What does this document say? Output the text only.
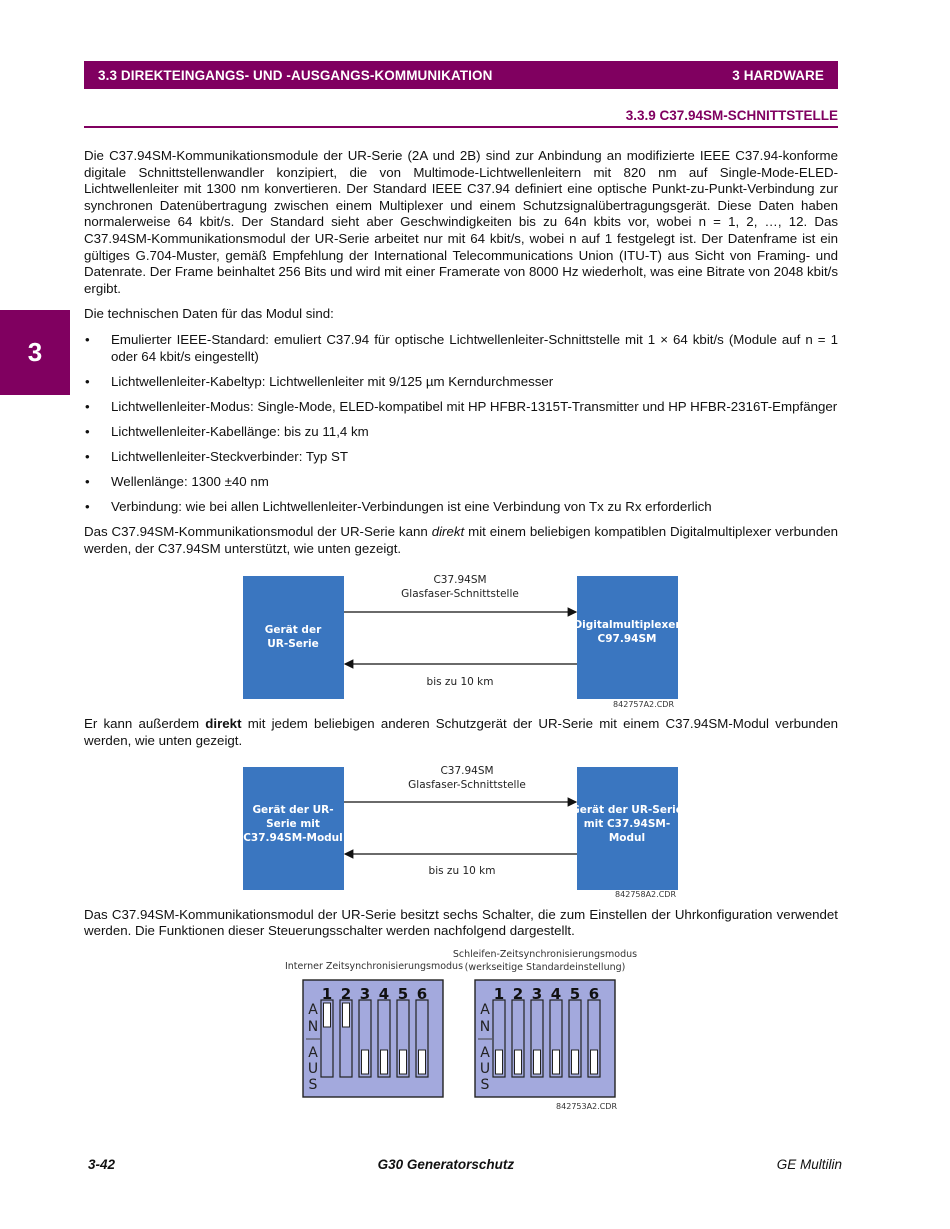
3.3 DIREKTEINGANGS- UND -AUSGANGS-KOMMUNIKATION	3 HARDWARE
3.3.9 C37.94SM-SCHNITTSTELLE
3

Die C37.94SM-Kommunikationsmodule der UR-Serie (2A und 2B) sind zur Anbindung an modifizierte IEEE C37.94-konforme digitale Schnittstellenwandler konzipiert, die von Multimode-Lichtwellenleitern mit 820 nm auf Single-Mode-ELED-Lichtwellenleiter mit 1300 nm konvertieren. Der Standard IEEE C37.94 definiert eine optische Punkt-zu-Punkt-Verbindung zur synchronen Datenübertragung zwischen einem Multiplexer und einem Schutzsignalübertragungsgerät. Diese Daten haben normalerweise 64 kbit/s. Der Standard sieht aber Geschwindigkeiten bis zu 64n kbits vor, wobei n = 1, 2, …, 12. Das C37.94SM-Kommunikationsmodul der UR-Serie arbeitet nur mit 64 kbit/s, wobei n auf 1 festgelegt ist. Der Datenframe ist ein gültiges G.704-Muster, gemäß Empfehlung der International Telecommunications Union (ITU-T) aus Sicht von Framing- und Datenrate. Der Frame beinhaltet 256 Bits und wird mit einer Framerate von 8000 Hz wiederholt, was eine Bitrate von 2048 kbit/s ergibt.

Die technischen Daten für das Modul sind:

• Emulierter IEEE-Standard: emuliert C37.94 für optische Lichtwellenleiter-Schnittstelle mit 1 × 64 kbit/s (Module auf n = 1 oder 64 kbit/s eingestellt)
• Lichtwellenleiter-Kabeltyp: Lichtwellenleiter mit 9/125 µm Kerndurchmesser
• Lichtwellenleiter-Modus: Single-Mode, ELED-kompatibel mit HP HFBR-1315T-Transmitter und HP HFBR-2316T-Empfänger
• Lichtwellenleiter-Kabellänge: bis zu 11,4 km
• Lichtwellenleiter-Steckverbinder: Typ ST
• Wellenlänge: 1300 ±40 nm
• Verbindung: wie bei allen Lichtwellenleiter-Verbindungen ist eine Verbindung von Tx zu Rx erforderlich

Das C37.94SM-Kommunikationsmodul der UR-Serie kann direkt mit einem beliebigen kompatiblen Digitalmultiplexer verbunden werden, der C37.94SM unterstützt, wie unten gezeigt.

C37.94SM
Glasfaser-Schnittstelle
Gerät der
UR-Serie
Digitalmultiplexer
C97.94SM
bis zu 10 km
842757A2.CDR

Er kann außerdem direkt mit jedem beliebigen anderen Schutzgerät der UR-Serie mit einem C37.94SM-Modul verbunden werden, wie unten gezeigt.

C37.94SM
Glasfaser-Schnittstelle
Gerät der UR-
Serie mit
C37.94SM-Modul
Gerät der UR-Serie
mit C37.94SM-
Modul
bis zu 10 km
842758A2.CDR

Das C37.94SM-Kommunikationsmodul der UR-Serie besitzt sechs Schalter, die zum Einstellen der Uhrkonfiguration verwendet werden. Die Funktionen dieser Steuerungsschalter werden nachfolgend dargestellt.

Interner Zeitsynchronisierungsmodus
Schleifen-Zeitsynchronisierungsmodus
(werkseitige Standardeinstellung)
A
N
A
U
S
1 2 3 4 5 6
A
N
A
U
S
1 2 3 4 5 6
842753A2.CDR
3-42	G30 Generatorschutz	GE Multilin
